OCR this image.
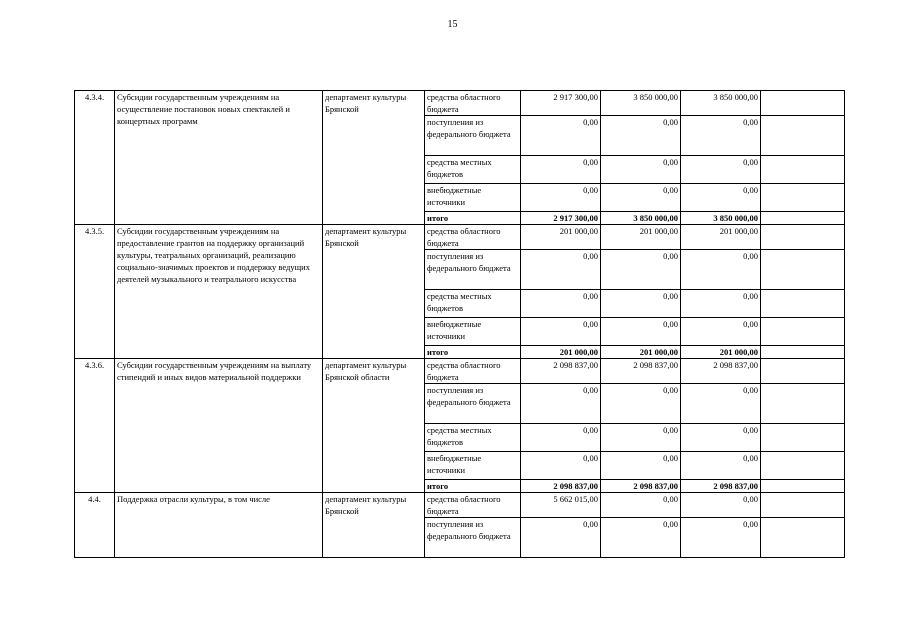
15
4.3.4.	Субсидии государственным учреждениям на осуществление постановок новых спектаклей и концертных программ	департамент культуры Брянской	средства областного бюджета	2 917 300,00	3 850 000,00	3 850 000,00	
			поступления из федерального бюджета	0,00	0,00	0,00	
			средства местных бюджетов	0,00	0,00	0,00	
			внебюджетные источники	0,00	0,00	0,00	
			итого	2 917 300,00	3 850 000,00	3 850 000,00	
4.3.5.	Субсидии государственным учреждениям на предоставление грантов на поддержку организаций культуры, театральных организаций, реализацию социально-значимых проектов и поддержку ведущих деятелей музыкального и театрального искусства	департамент культуры Брянской	средства областного бюджета	201 000,00	201 000,00	201 000,00	
			поступления из федерального бюджета	0,00	0,00	0,00	
			средства местных бюджетов	0,00	0,00	0,00	
			внебюджетные источники	0,00	0,00	0,00	
			итого	201 000,00	201 000,00	201 000,00	
4.3.6.	Субсидии государственным учреждениям на выплату стипендий и иных видов материальной поддержки	департамент культуры Брянской области	средства областного бюджета	2 098 837,00	2 098 837,00	2 098 837,00	
			поступления из федерального бюджета	0,00	0,00	0,00	
			средства местных бюджетов	0,00	0,00	0,00	
			внебюджетные источники	0,00	0,00	0,00	
			итого	2 098 837,00	2 098 837,00	2 098 837,00	
4.4.	Поддержка отрасли культуры, в том числе	департамент культуры Брянской	средства областного бюджета	5 662 015,00	0,00	0,00	
			поступления из федерального бюджета	0,00	0,00	0,00	
